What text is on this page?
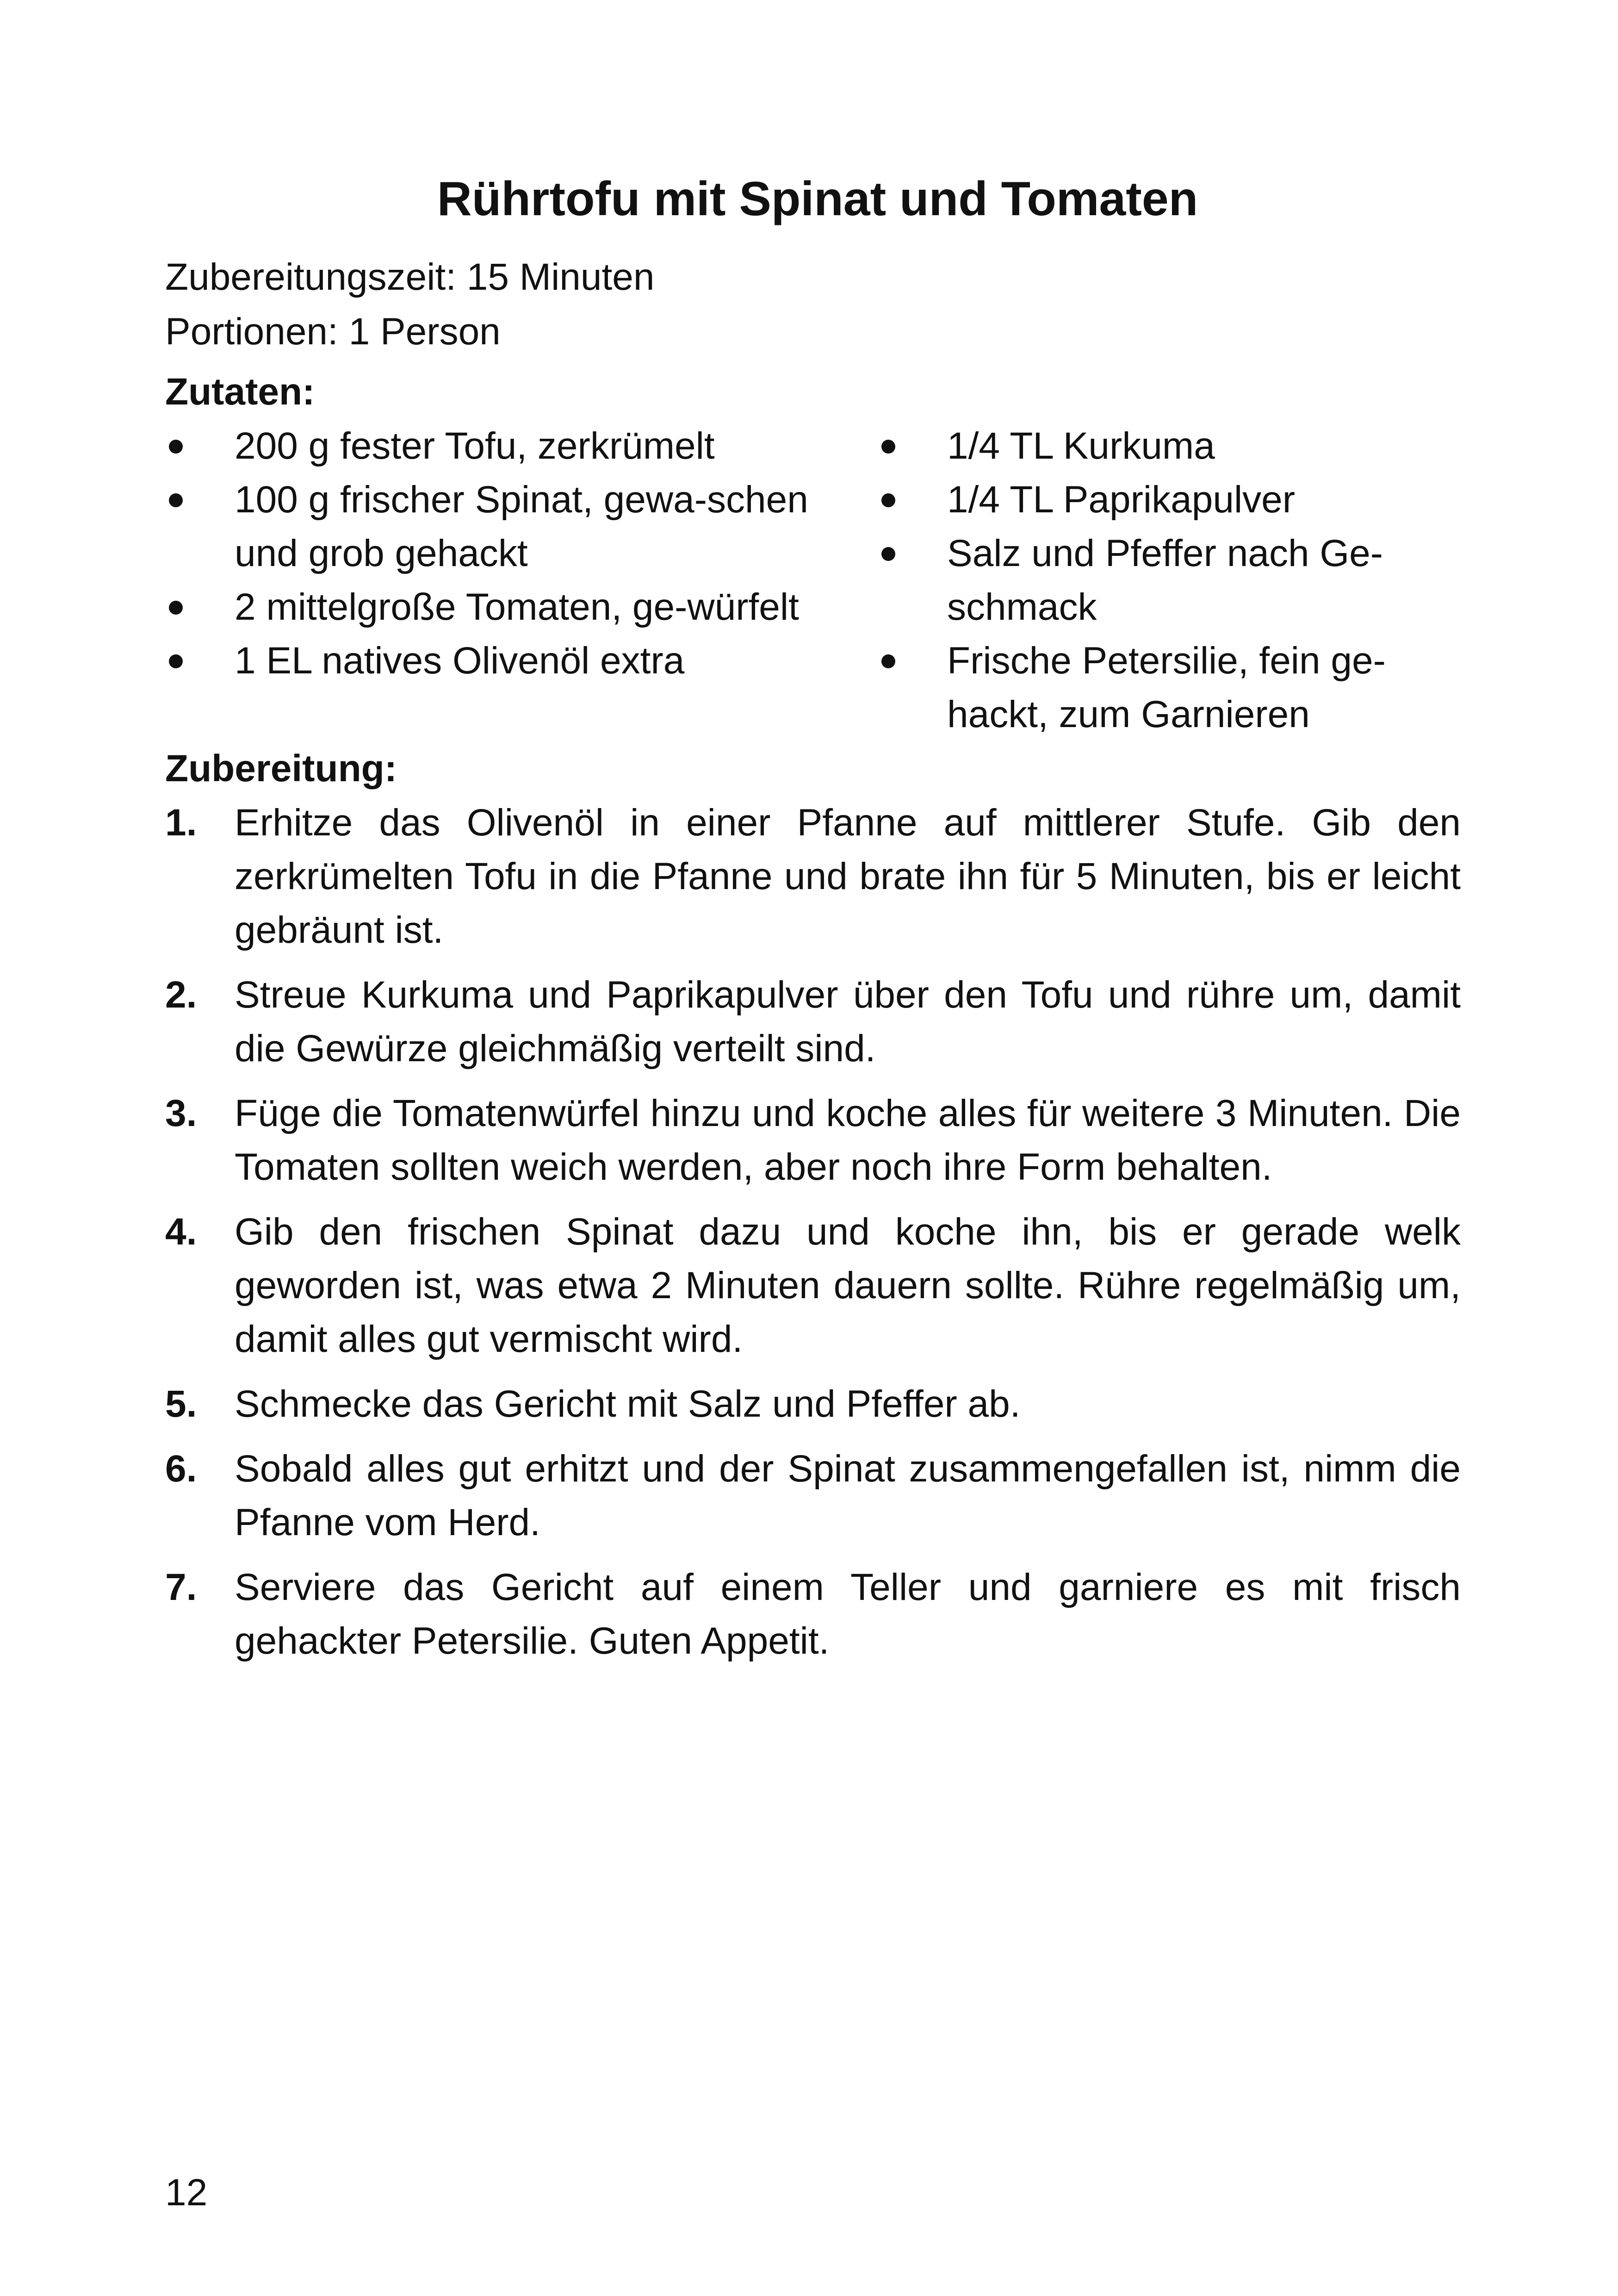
Rührtofu mit Spinat und Tomaten

Zubereitungszeit: 15 Minuten

Portionen: 1 Person

Zutaten:

200 g fester Tofu, zerkrümelt
100 g frischer Spinat, gewa-schen und grob gehackt
2 mittelgroße Tomaten, ge-würfelt
1 EL natives Olivenöl extra
1/4 TL Kurkuma
1/4 TL Paprikapulver
Salz und Pfeffer nach Ge-schmack
Frische Petersilie, fein ge-hackt, zum Garnieren

Zubereitung:

1. Erhitze das Olivenöl in einer Pfanne auf mittlerer Stufe. Gib den zerkrümelten Tofu in die Pfanne und brate ihn für 5 Minuten, bis er leicht gebräunt ist.
2. Streue Kurkuma und Paprikapulver über den Tofu und rühre um, damit die Gewürze gleichmäßig verteilt sind.
3. Füge die Tomatenwürfel hinzu und koche alles für weitere 3 Minuten. Die Tomaten sollten weich werden, aber noch ihre Form behalten.
4. Gib den frischen Spinat dazu und koche ihn, bis er gerade welk geworden ist, was etwa 2 Minuten dauern sollte. Rühre regelmäßig um, damit alles gut vermischt wird.
5. Schmecke das Gericht mit Salz und Pfeffer ab.
6. Sobald alles gut erhitzt und der Spinat zusammengefallen ist, nimm die Pfanne vom Herd.
7. Serviere das Gericht auf einem Teller und garniere es mit frisch gehackter Petersilie. Guten Appetit.
12
